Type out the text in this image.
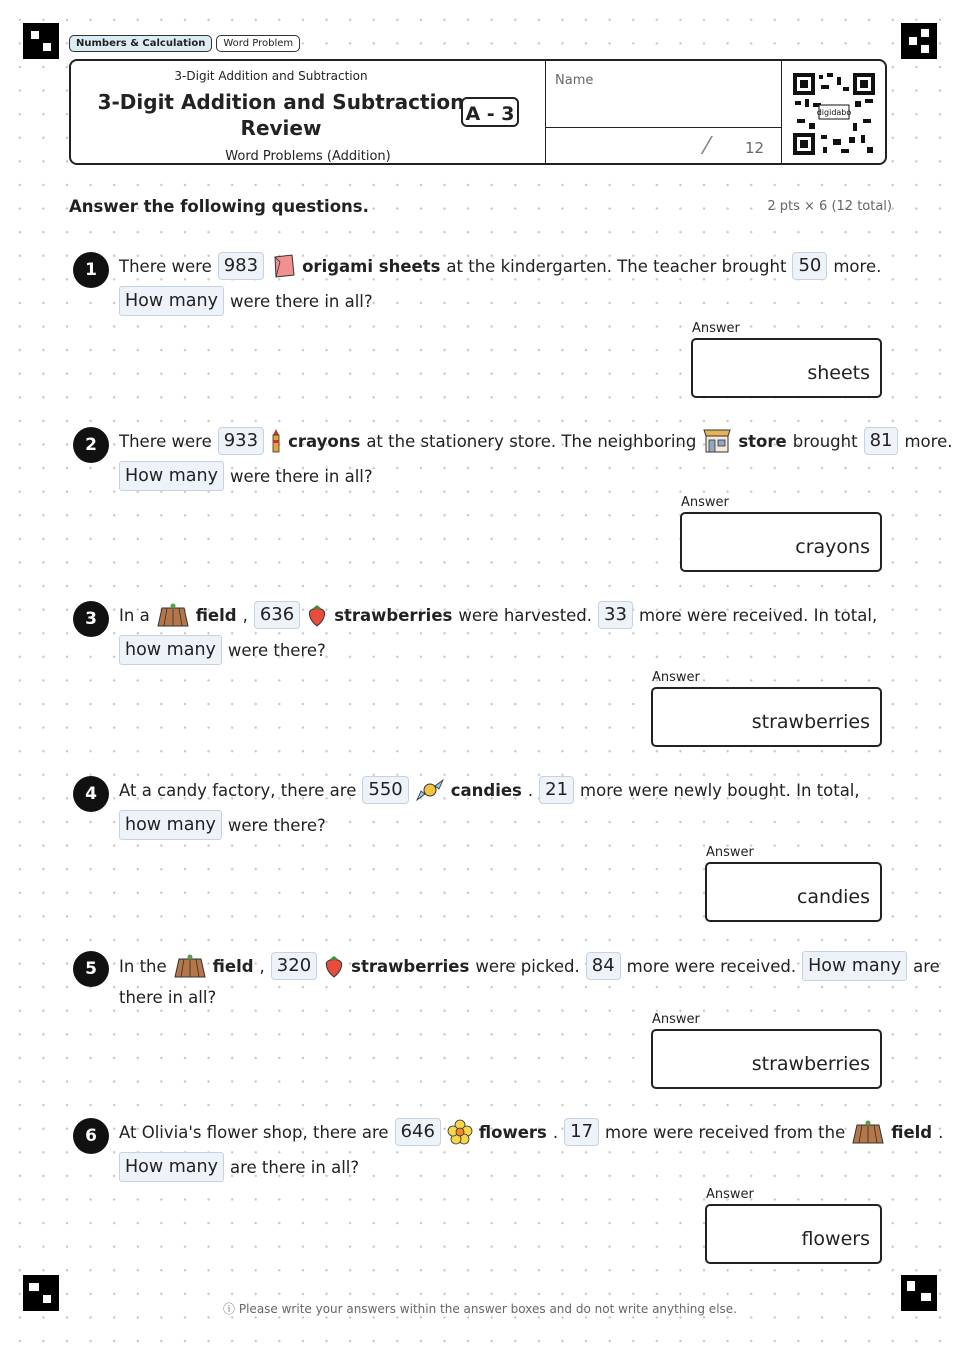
Numbers & Calculation	Word Problem
3-Digit Addition and Subtraction
3-Digit Addition and Subtraction Review
Word Problems (Addition)
A - 3
Name
/ 12
digidabo
Answer the following questions.	2 pts × 6 (12 total)
1	There were 983	origami sheets at the kindergarten. The teacher brought 50 more.
How many were there in all?
Answer
sheets
2	There were 933	crayons at the stationery store. The neighboring	store brought 81 more.
How many were there in all?
Answer
crayons
3	In a	field , 636	strawberries were harvested. 33 more were received. In total,
how many were there?
Answer
strawberries
4	At a candy factory, there are 550	candies . 21 more were newly bought. In total,
how many were there?
Answer
candies
5	In the	field , 320	strawberries were picked. 84 more were received. How many are
there in all?
Answer
strawberries
6	At Olivia's flower shop, there are 646	flowers . 17 more were received from the	field .
How many are there in all?
Answer
flowers
ⓘ Please write your answers within the answer boxes and do not write anything else.
